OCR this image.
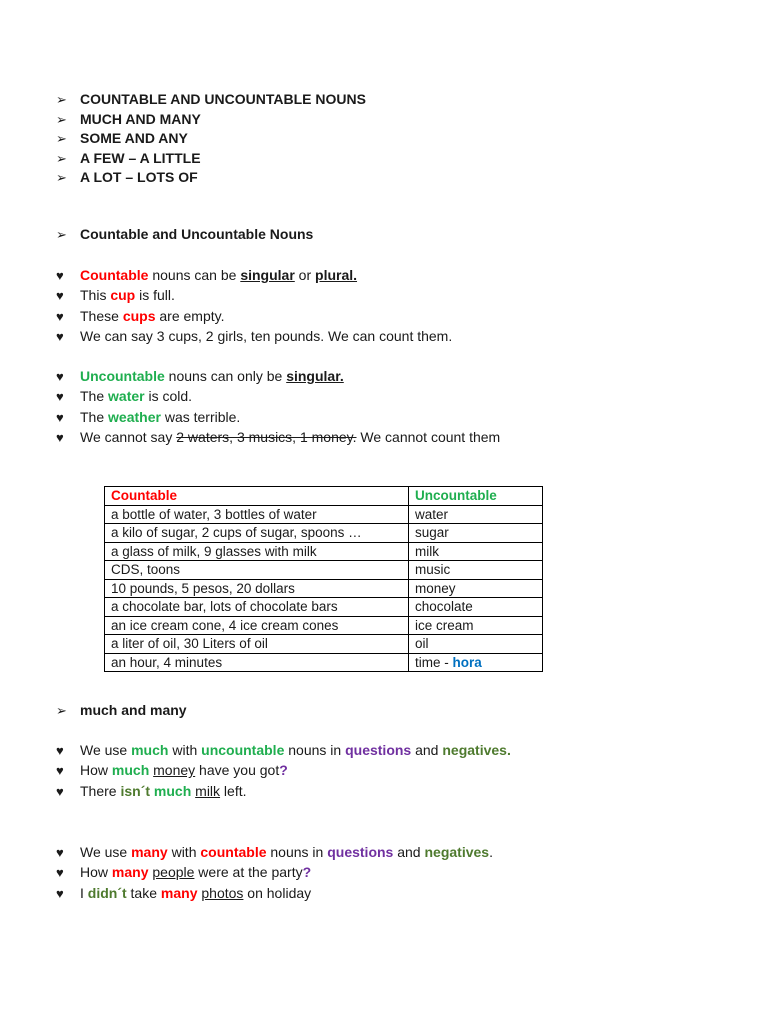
➢ COUNTABLE AND UNCOUNTABLE NOUNS
➢ MUCH AND MANY
➢ SOME AND ANY
➢ A FEW – A LITTLE
➢ A LOT – LOTS OF
➢ Countable and Uncountable Nouns
♥ Countable nouns can be singular or plural.
♥ This cup is full.
♥ These cups are empty.
♥ We can say 3 cups, 2 girls, ten pounds. We can count them.
♥ Uncountable nouns can only be singular.
♥ The water is cold.
♥ The weather was terrible.
♥ We cannot say 2 waters, 3 musics, 1 money. We cannot count them
Countable	Uncountable
a bottle of water, 3 bottles of water	water
a kilo of sugar, 2 cups of sugar, spoons …	sugar
a glass of milk, 9 glasses with milk	milk
CDS, toons	music
10 pounds, 5 pesos, 20 dollars	money
a chocolate bar, lots of chocolate bars	chocolate
an ice cream cone, 4 ice cream cones	ice cream
a liter of oil, 30 Liters of oil	oil
an hour, 4 minutes	time - hora
➢ much and many
♥ We use much with uncountable nouns in questions and negatives.
♥ How much money have you got?
♥ There isn´t much milk left.
♥ We use many with countable nouns in questions and negatives.
♥ How many people were at the party?
♥ I didn´t take many photos on holiday
